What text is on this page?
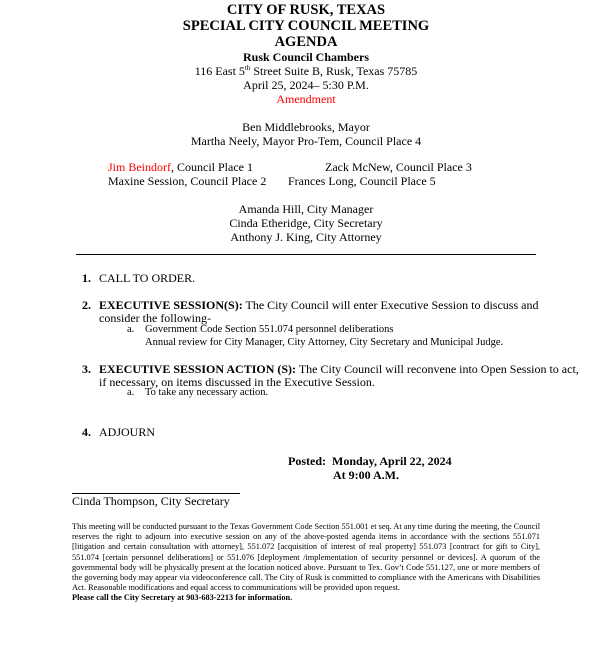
CITY OF RUSK, TEXAS
SPECIAL CITY COUNCIL MEETING
AGENDA
Rusk Council Chambers
116 East 5th Street Suite B, Rusk, Texas 75785
April 25, 2024– 5:30 P.M.
Amendment
Ben Middlebrooks, Mayor
Martha Neely, Mayor Pro-Tem, Council Place 4
Jim Beindorf, Council Place 1	Zack McNew, Council Place 3
Maxine Session, Council Place 2 Frances Long, Council Place 5
Amanda Hill, City Manager
Cinda Etheridge, City Secretary
Anthony J. King, City Attorney
1. CALL TO ORDER.
2. EXECUTIVE SESSION(S): The City Council will enter Executive Session to discuss and
consider the following-
a. Government Code Section 551.074 personnel deliberations
Annual review for City Manager, City Attorney, City Secretary and Municipal Judge.
3. EXECUTIVE SESSION ACTION (S): The City Council will reconvene into Open Session to act,
if necessary, on items discussed in the Executive Session.
a. To take any necessary action.
4. ADJOURN
Posted: Monday, April 22, 2024
At 9:00 A.M.
Cinda Thompson, City Secretary
This meeting will be conducted pursuant to the Texas Government Code Section 551.001 et seq. At any time during the meeting, the Council reserves the right to adjourn into executive session on any of the above-posted agenda items in accordance with the sections 551.071 [litigation and certain consultation with attorney], 551.072 [acquisition of interest of real property] 551.073 [contract for gift to City], 551.074 [certain personnel deliberations] or 551.076 [deployment /implementation of security personnel or devices]. A quorum of the governmental body will be physically present at the location noticed above. Pursuant to Tex. Gov’t Code 551.127, one or more members of the governing body may appear via videoconference call. The City of Rusk is committed to compliance with the Americans with Disabilities Act. Reasonable modifications and equal access to communications will be provided upon request.
Please call the City Secretary at 903-683-2213 for information.
